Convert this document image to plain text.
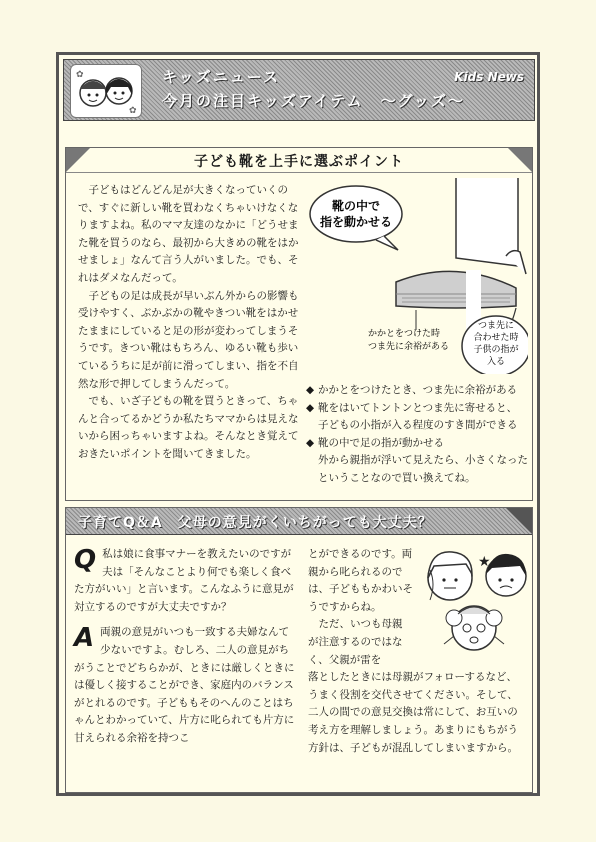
✿
✿
キッズニュース
今月の注目キッズアイテム　～グッズ～
Kids News
子ども靴を上手に選ぶポイント

子どもはどんどん足が大きくなっていくので、すぐに新しい靴を買わなくちゃいけなくなりますよね。私のママ友達のなかに「どうせまた靴を買うのなら、最初から大きめの靴をはかせましょ」なんて言う人がいました。でも、それはダメなんだって。

子どもの足は成長が早いぶん外からの影響も受けやすく、ぶかぶかの靴やきつい靴をはかせたままにしていると足の形が変わってしまうそうです。きつい靴はもちろん、ゆるい靴も歩いているうちに足が前に滑ってしまい、指を不自然な形で押してしまうんだって。

でも、いざ子どもの靴を買うときって、ちゃんと合ってるかどうか私たちママからは見えないから困っちゃいますよね。そんなとき覚えておきたいポイントを聞いてきました。

靴の中で
指を動かせる
つま先に
合わせた時
子供の指が
入る
かかとをつけた時
つま先に余裕がある

◆ かかとをつけたとき、つま先に余裕がある

◆ 靴をはいてトントンとつま先に寄せると、

子どもの小指が入る程度のすき間ができる

◆ 靴の中で足の指が動かせる

外から親指が浮いて見えたら、小さくなったということなので買い換えてね。

子育てQ＆A　父母の意見がくいちがっても大丈夫？
Q 私は娘に食事マナーを教えたいのですが夫は「そんなことより何でも楽しく食べた方がいい」と言います。こんなふうに意見が対立するのですが大丈夫ですか？

A 両親の意見がいつも一致する夫婦なんて少ないですよ。むしろ、二人の意見がちがうことでどちらかが、ときには厳しくときには優しく接することができ、家庭内のバランスがとれるのです。子どももそのへんのことはちゃんとわかっていて、片方に叱られても片方に甘えられる余裕を持つこ

とができるのです。両親から叱られるのでは、子どももかわいそうですからね。

ただ、いつも母親が注意するのではなく、父親が雷を

落としたときには母親がフォローするなど、うまく役割を交代させてください。そして、二人の間での意見交換は常にして、お互いの考え方を理解しましょう。あまりにもちがう方針は、子どもが混乱してしまいますから。

★
